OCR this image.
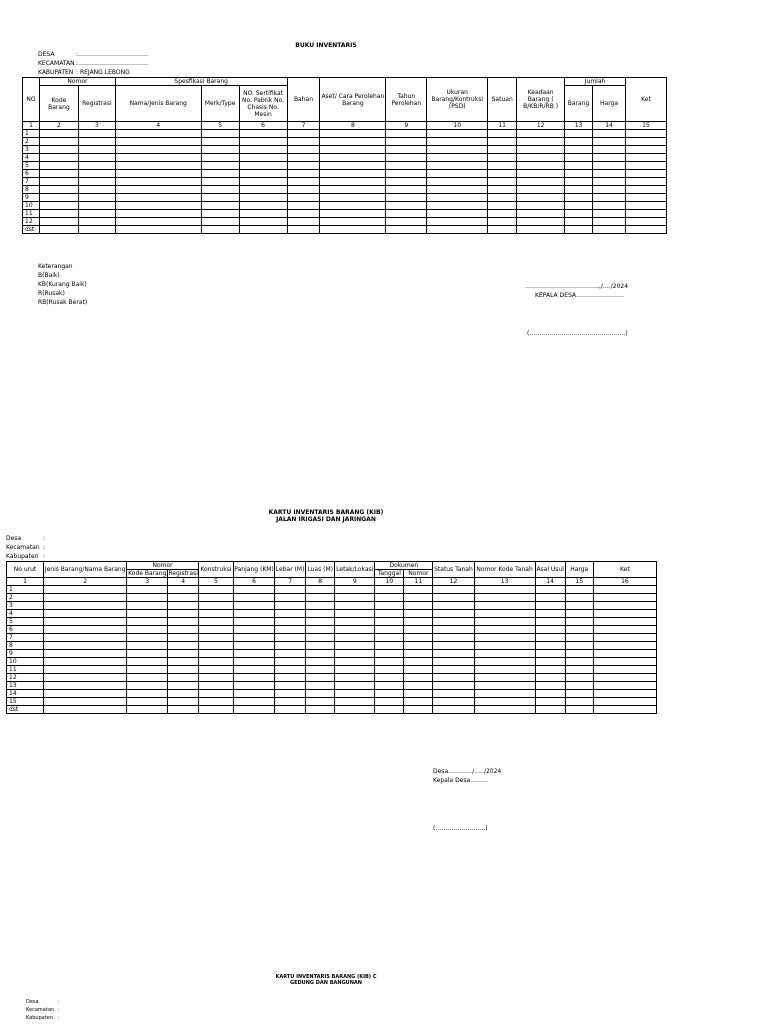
BUKU INVENTARIS
DESA	:……………………………..
KECAMATAN:……………………………..
KABUPATEN : REJANG LEBONG
NO	Nomor		Spesfikasi Barang			Bahan	Aset/ Cara Perolehan Barang	Tahun Perolehan	Ukuran Barang/Kontruksi (PSD)	Satuan	Keadaan Barang ( B/KB/R/RB )	Jumlah		Ket
	Kode Barang	Registrasi	Nama/Jenis Barang	Merk/Type	NO. Sertifikat No. Pabrik No. Chasis No. Mesin							Barang	Harga	
1	2	3	4	5	6	7	8	9	10	11	12	13	14	15
1														
2														
3														
4														
5														
6														
7														
8														
9														
10														
11														
12														
dst														
Keterangan
B(Baik)
KB(Kurang Baik)
R(Rusak)
RB(Rusak Berat)
……………………………….,/…./2024
KEPALA DESA……………………
(…………………………………………)
KARTU INVENTARIS BARANG (KIB)
JALAN IRIGASI DAN JARINGAN
Desa	:
Kecamatan :
Kabupaten :
No urut	Jenis Barang/Nama Barang	Nomor		Konstruksi	Panjang (KM)	Lebar (M)	Luas (M)	Letak/Lokasi	Dokumen		Status Tanah	Nomor Kode Tanah	Asal Usul	Harga	Ket
		Kode Barang	Registrasi						Tanggal	Nomor					
1	2	3	4	5	6	7	8	9	10	11	12	13	14	15	16
1															
2															
3															
4															
5															
6															
7															
8															
9															
10															
11															
12															
13															
14															
15															
dst															
Desa…………/…../2024
Kepala Desa………
(…………………….)
KARTU INVENTARIS BARANG (KIB) C
GEDUNG DAN BANGUNAN
Desa	:
Kecamatan :
Kabupaten :
